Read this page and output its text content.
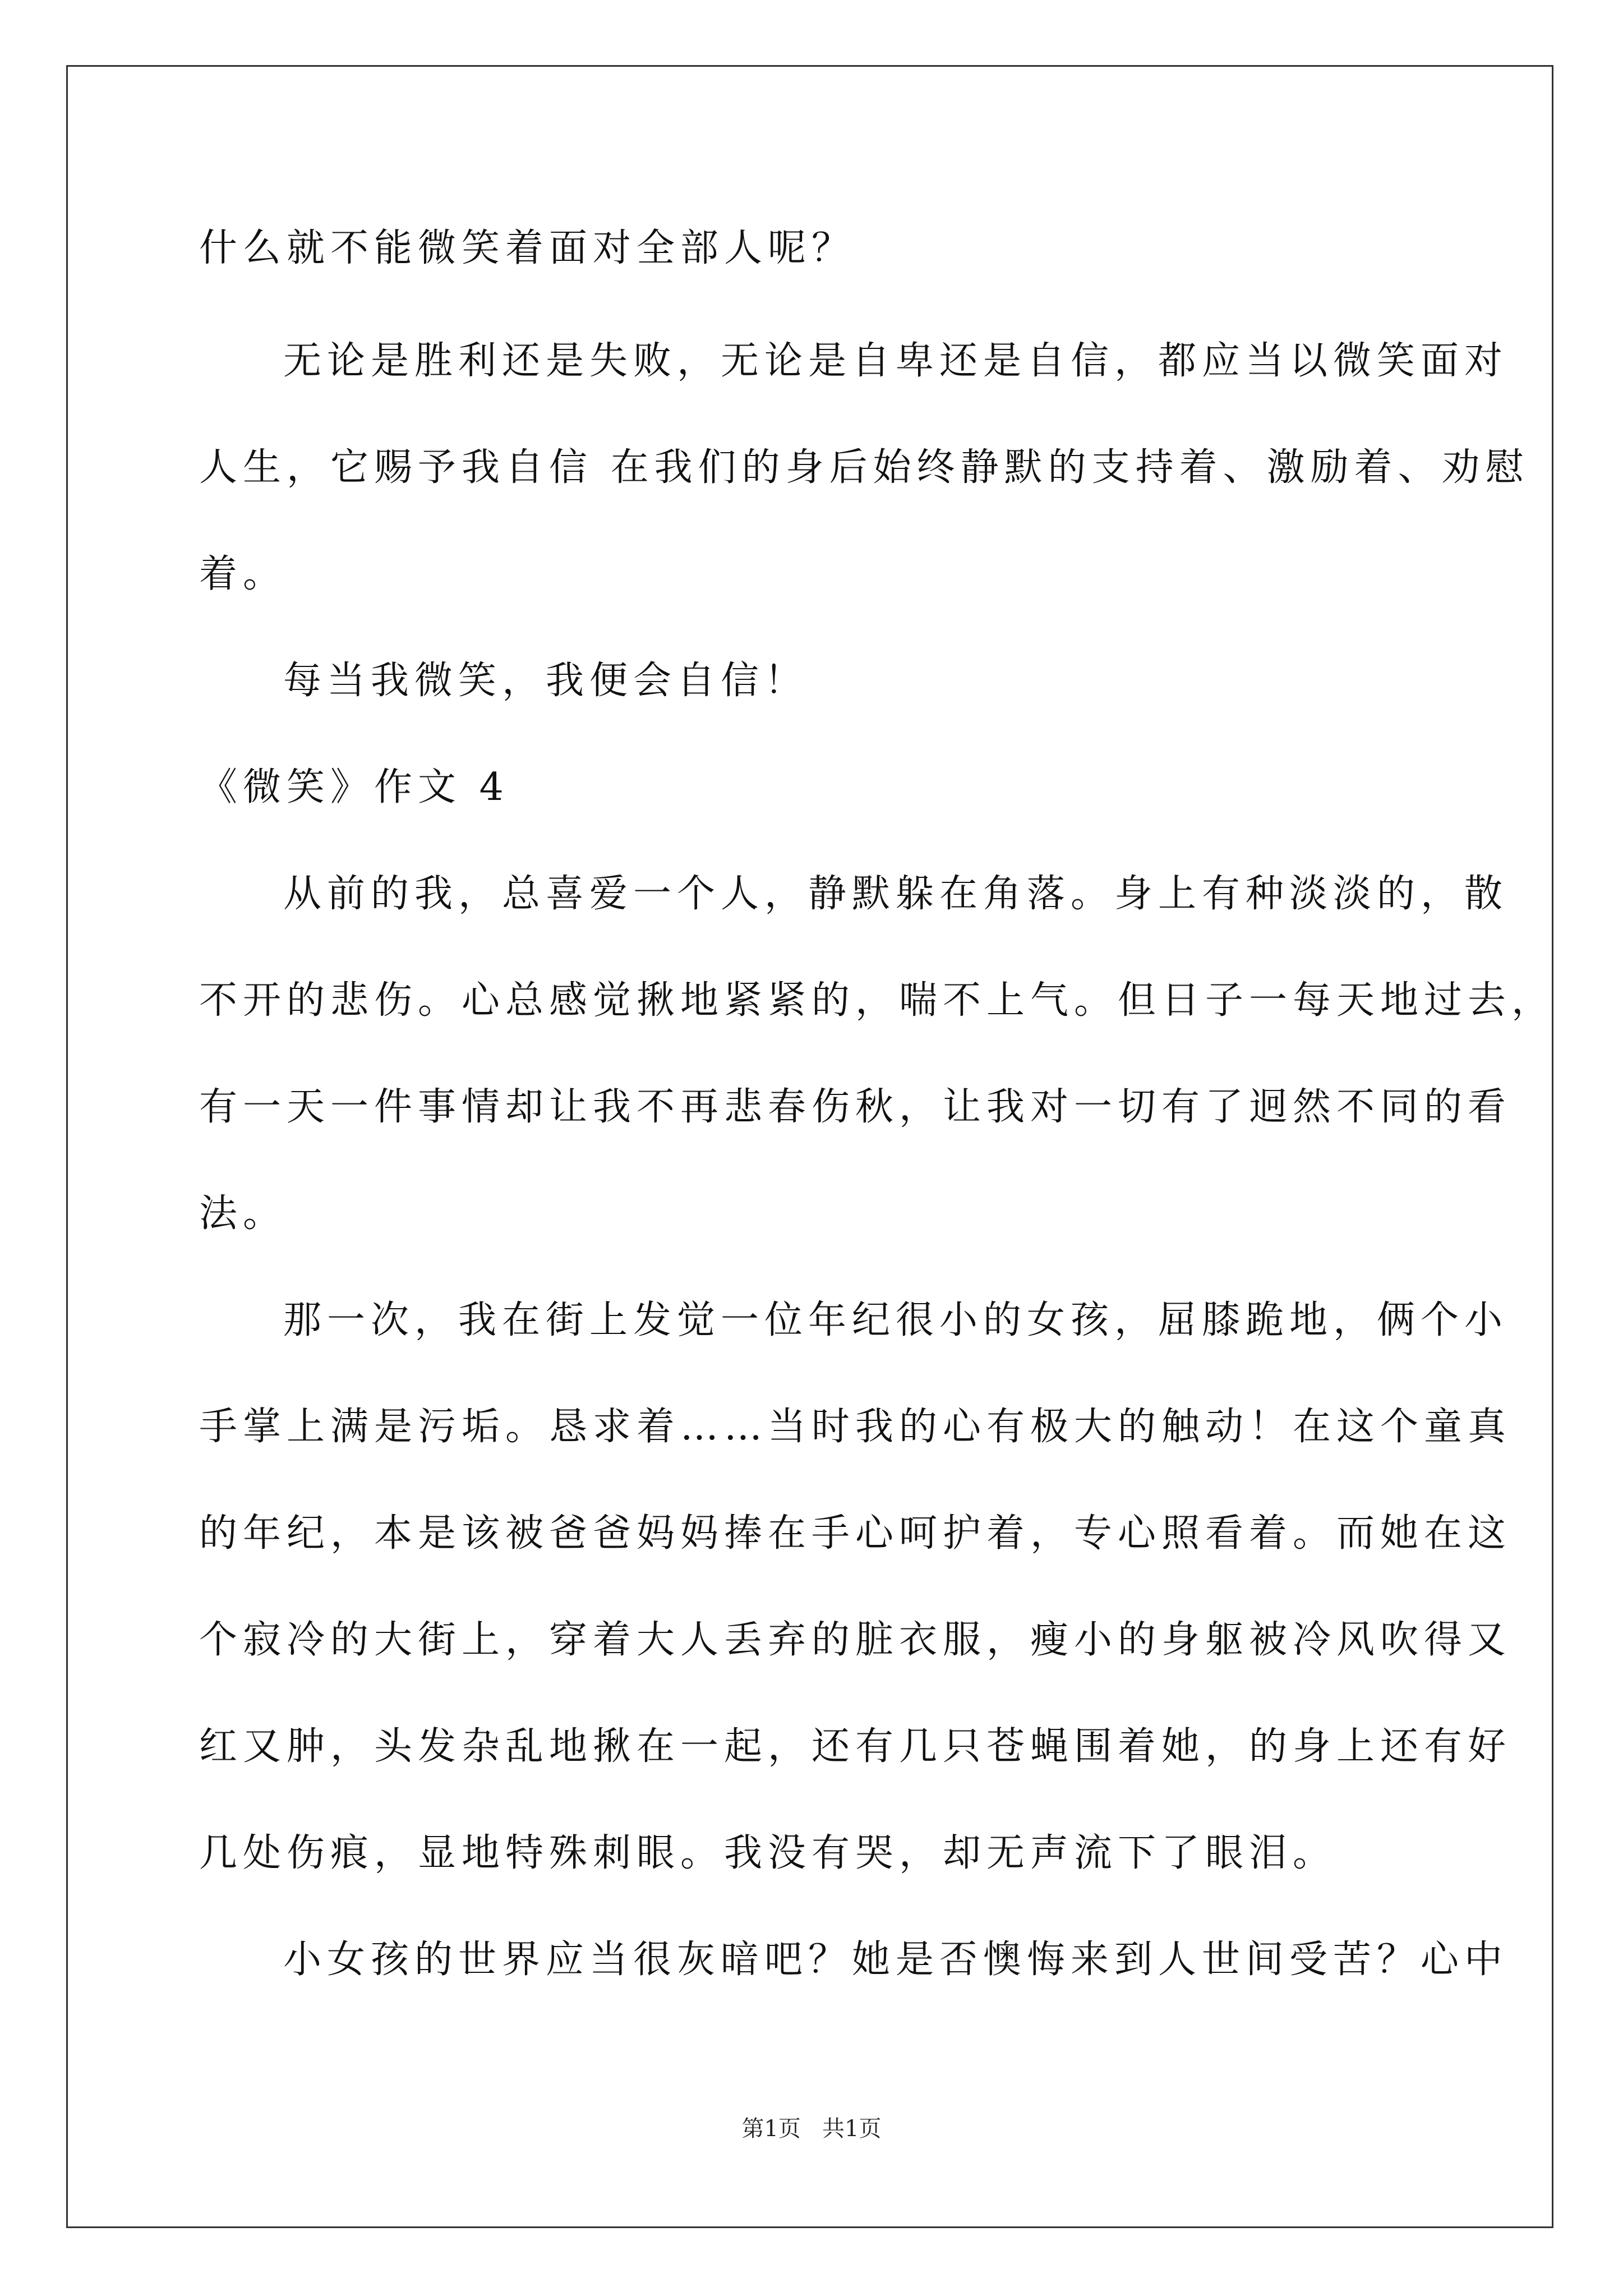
什么就不能微笑着面对全部人呢？
无论是胜利还是失败，无论是自卑还是自信，都应当以微笑面对
人生，它赐予我自信 在我们的身后始终静默的支持着、激励着、劝慰
着。
每当我微笑，我便会自信！
《微笑》作文 4
从前的我，总喜爱一个人，静默躲在角落。身上有种淡淡的，散
不开的悲伤。心总感觉揪地紧紧的，喘不上气。但日子一每天地过去，
有一天一件事情却让我不再悲春伤秋，让我对一切有了迥然不同的看
法。
那一次，我在街上发觉一位年纪很小的女孩，屈膝跪地，俩个小
手掌上满是污垢。恳求着……当时我的心有极大的触动！在这个童真
的年纪，本是该被爸爸妈妈捧在手心呵护着，专心照看着。而她在这
个寂冷的大街上，穿着大人丢弃的脏衣服，瘦小的身躯被冷风吹得又
红又肿，头发杂乱地揪在一起，还有几只苍蝇围着她，的身上还有好
几处伤痕，显地特殊刺眼。我没有哭，却无声流下了眼泪。
小女孩的世界应当很灰暗吧？她是否懊悔来到人世间受苦？心中
第1页   共1页
